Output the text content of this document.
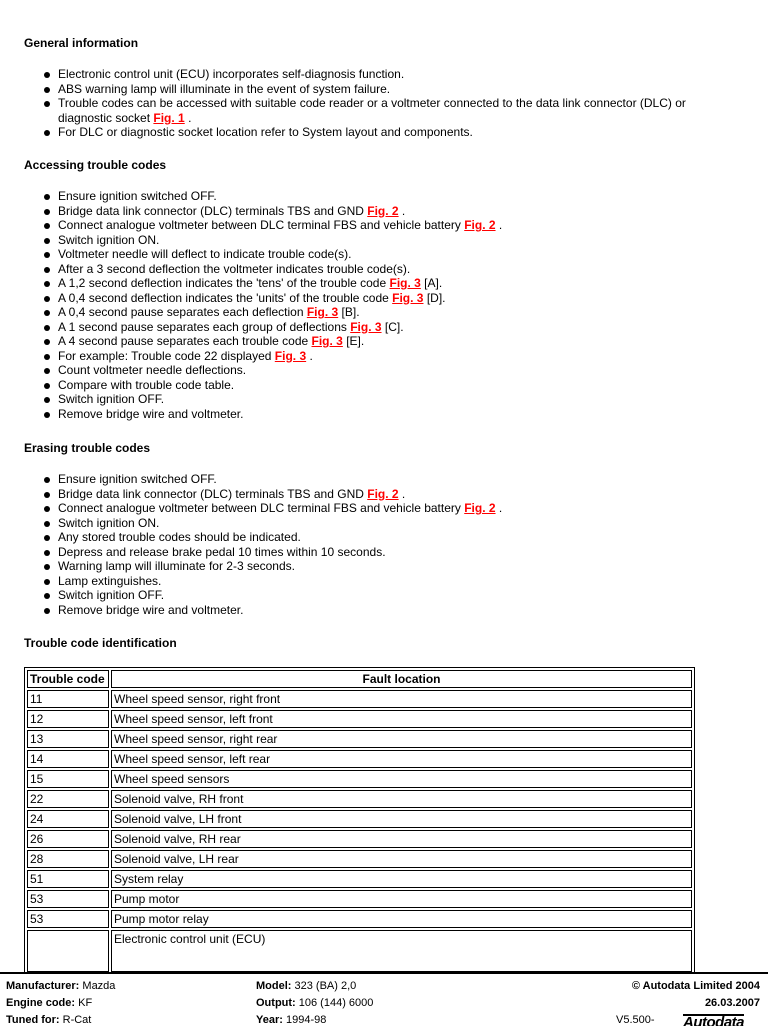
General information
Electronic control unit (ECU) incorporates self-diagnosis function.
ABS warning lamp will illuminate in the event of system failure.
Trouble codes can be accessed with suitable code reader or a voltmeter connected to the data link connector (DLC) or diagnostic socket Fig. 1 .
For DLC or diagnostic socket location refer to System layout and components.
Accessing trouble codes
Ensure ignition switched OFF.
Bridge data link connector (DLC) terminals TBS and GND Fig. 2 .
Connect analogue voltmeter between DLC terminal FBS and vehicle battery Fig. 2 .
Switch ignition ON.
Voltmeter needle will deflect to indicate trouble code(s).
After a 3 second deflection the voltmeter indicates trouble code(s).
A 1,2 second deflection indicates the 'tens' of the trouble code Fig. 3 [A].
A 0,4 second deflection indicates the 'units' of the trouble code Fig. 3 [D].
A 0,4 second pause separates each deflection Fig. 3 [B].
A 1 second pause separates each group of deflections Fig. 3 [C].
A 4 second pause separates each trouble code Fig. 3 [E].
For example: Trouble code 22 displayed Fig. 3 .
Count voltmeter needle deflections.
Compare with trouble code table.
Switch ignition OFF.
Remove bridge wire and voltmeter.
Erasing trouble codes
Ensure ignition switched OFF.
Bridge data link connector (DLC) terminals TBS and GND Fig. 2 .
Connect analogue voltmeter between DLC terminal FBS and vehicle battery Fig. 2 .
Switch ignition ON.
Any stored trouble codes should be indicated.
Depress and release brake pedal 10 times within 10 seconds.
Warning lamp will illuminate for 2-3 seconds.
Lamp extinguishes.
Switch ignition OFF.
Remove bridge wire and voltmeter.
Trouble code identification
Trouble code	Fault location
11	Wheel speed sensor, right front
12	Wheel speed sensor, left front
13	Wheel speed sensor, right rear
14	Wheel speed sensor, left rear
15	Wheel speed sensors
22	Solenoid valve, RH front
24	Solenoid valve, LH front
26	Solenoid valve, RH rear
28	Solenoid valve, LH rear
51	System relay
53	Pump motor
53	Pump motor relay
	Electronic control unit (ECU)
Manufacturer: Mazda
Engine code: KF
Tuned for: R-Cat
Model: 323 (BA) 2,0
Output: 106 (144) 6000
Year: 1994-98
© Autodata Limited 2004
26.03.2007
V5.500- Autodata
